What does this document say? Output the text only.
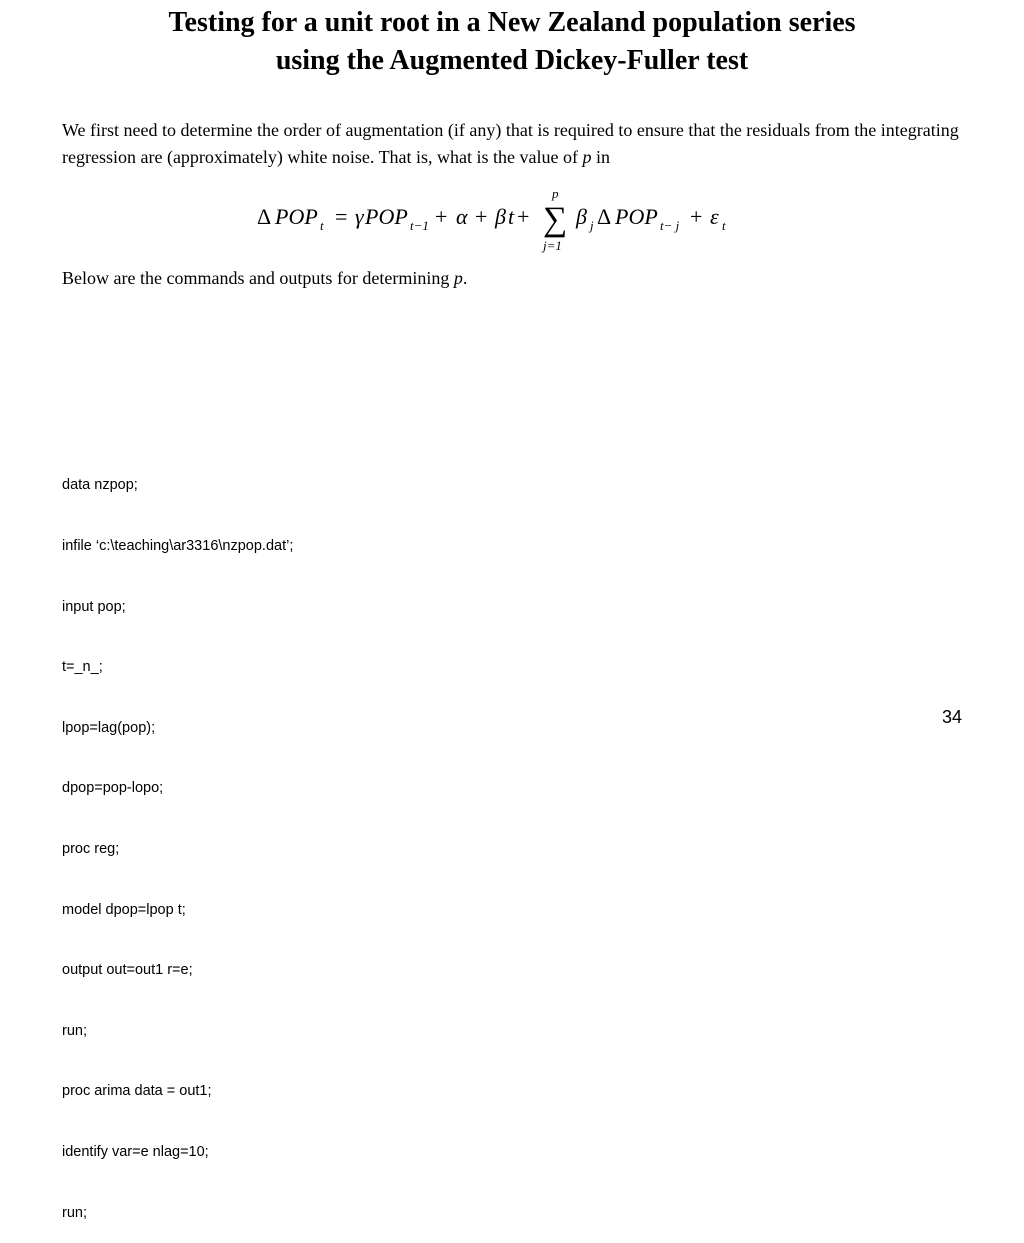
Testing for a unit root in a New Zealand population series
using the Augmented Dickey-Fuller test

We first need to determine the order of augmentation (if any) that is required to ensure that the residuals from the integrating regression are (approximately) white noise. That is, what is the value of p in

Δ POP t = γ POP t−1 + α + β t +
p
∑
j=1
β j Δ POP t− j + ε t

Below are the commands and outputs for determining p.

data nzpop;

infile ‘c:\teaching\ar3316\nzpop.dat’;

input pop;

t=_n_;

lpop=lag(pop);

dpop=pop-lopo;

proc reg;

model dpop=lpop t;

output out=out1 r=e;

run;

proc arima data = out1;

identify var=e nlag=10;

run;

34
